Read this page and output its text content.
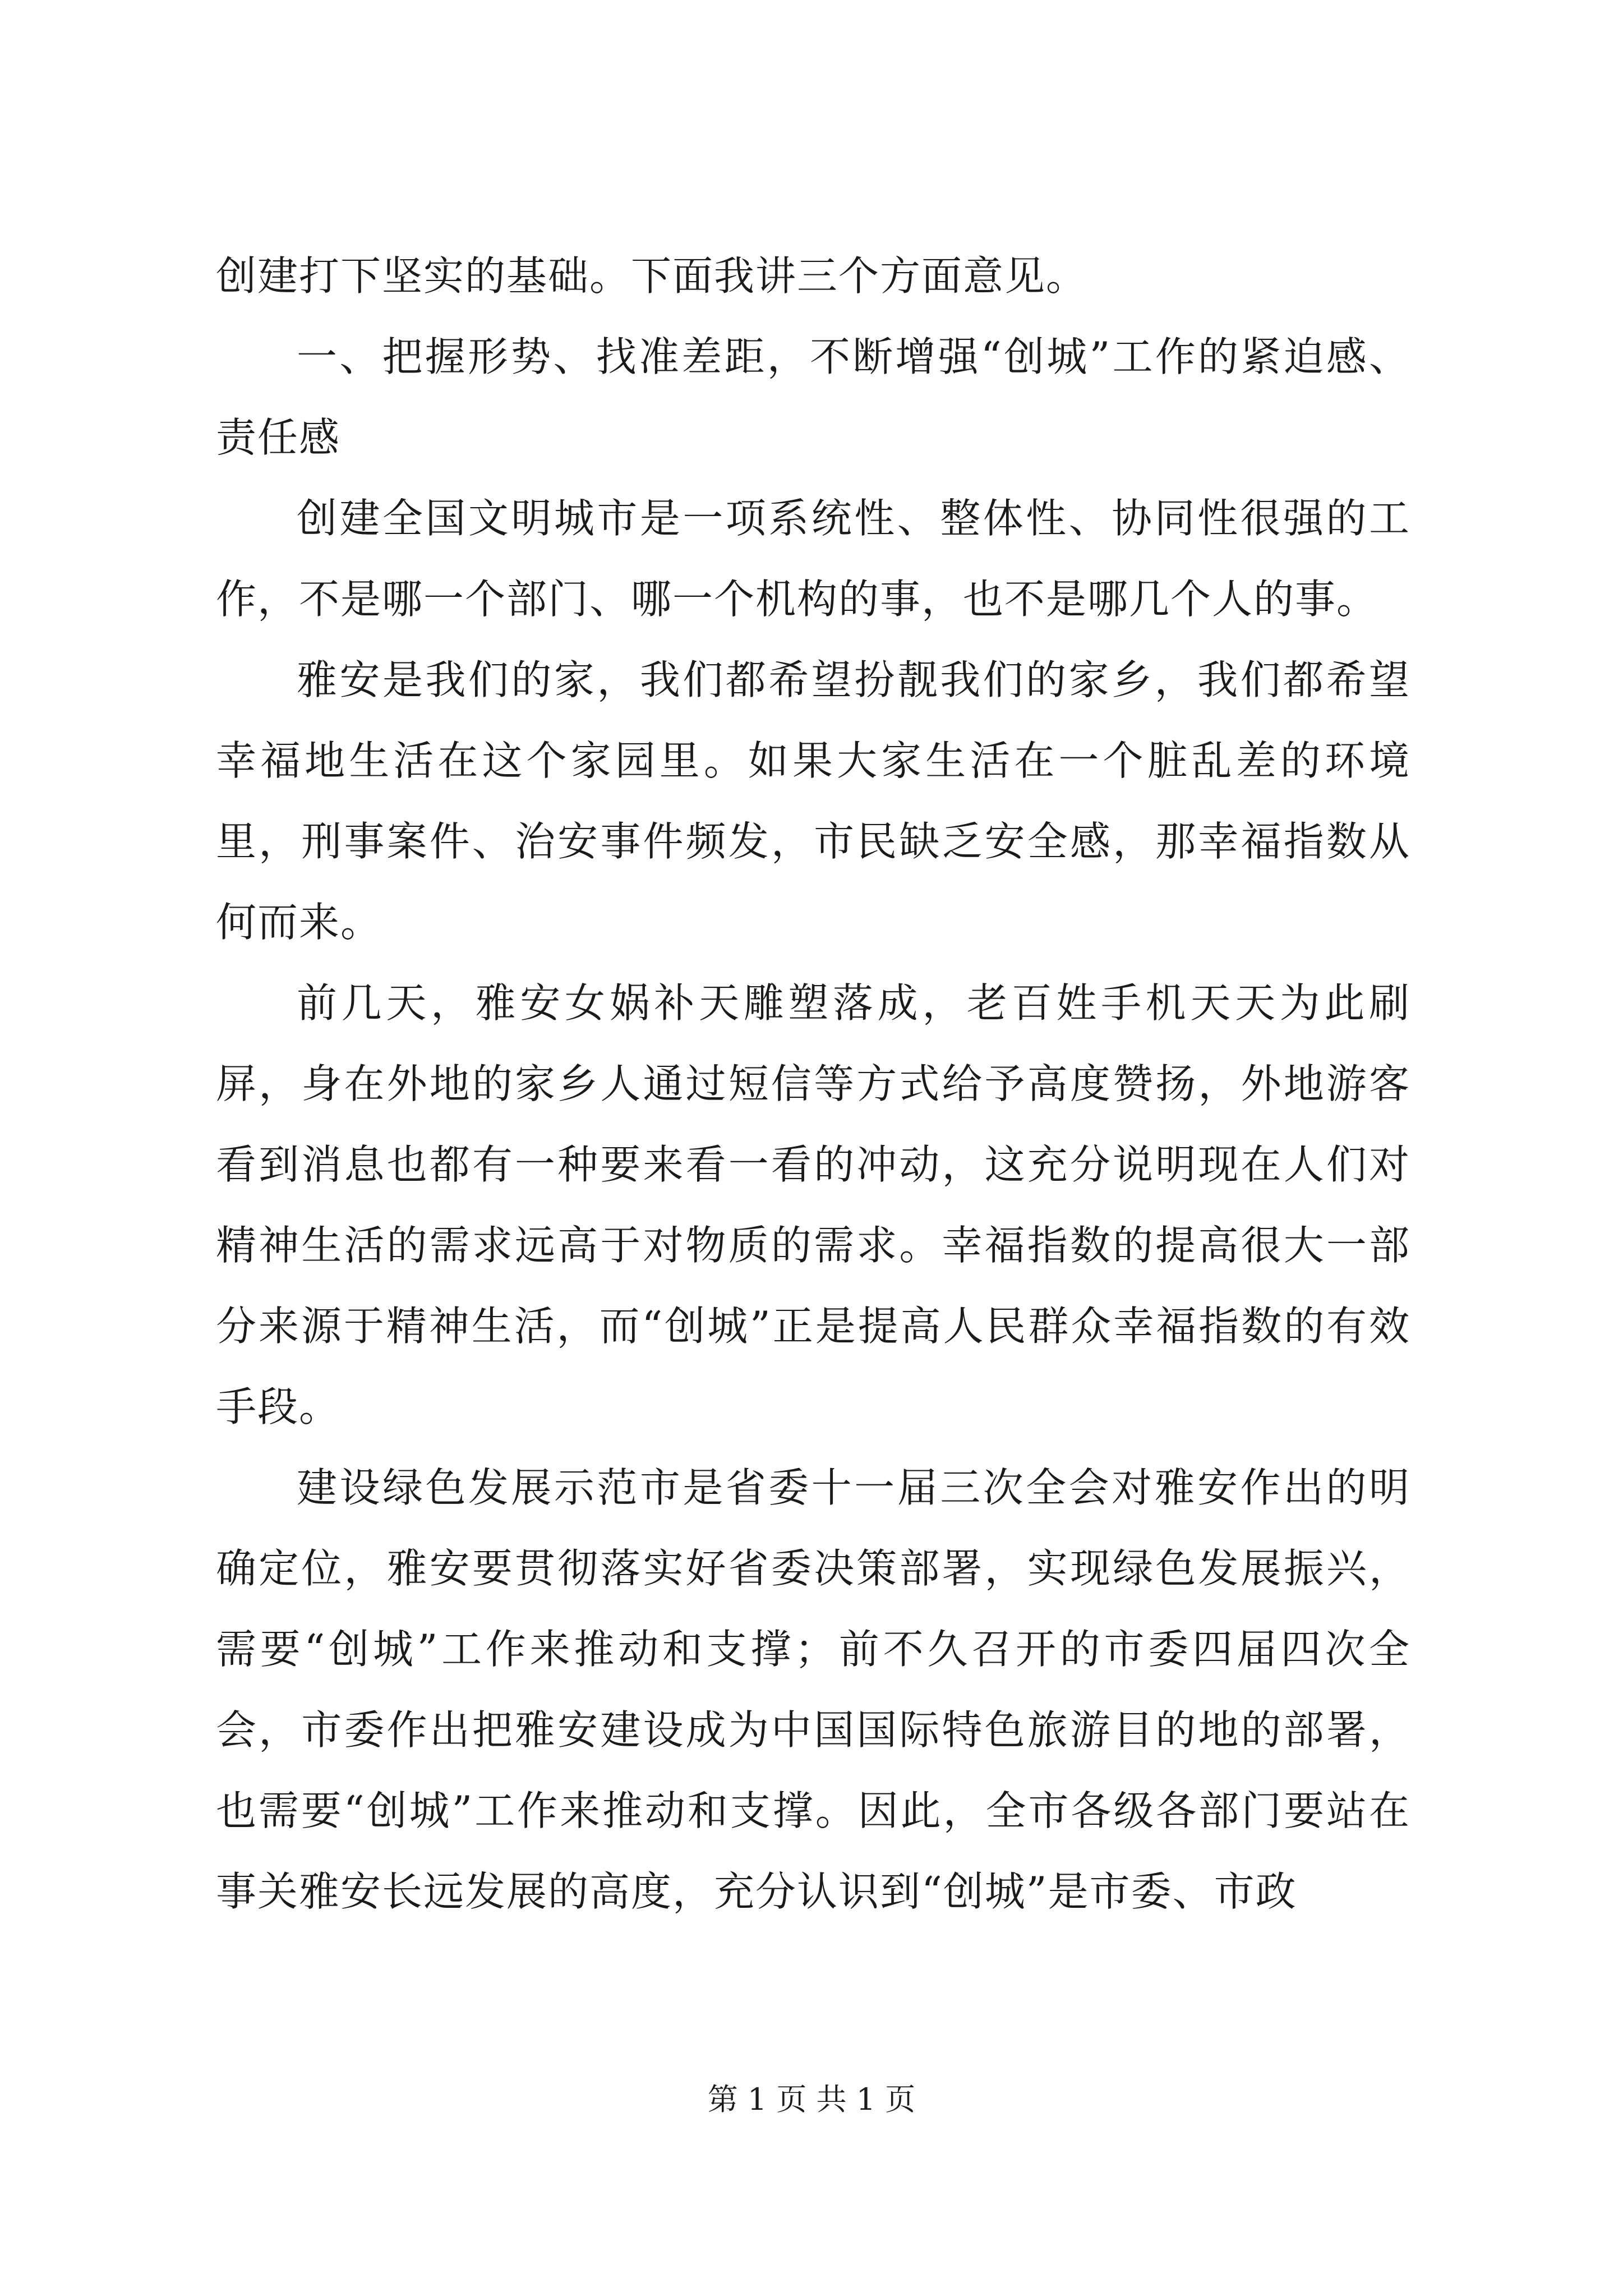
创建打下坚实的基础。下面我讲三个方面意见。

一、把握形势、找准差距，不断增强“创城”工作的紧迫感、责任感

创建全国文明城市是一项系统性、整体性、协同性很强的工作，不是哪一个部门、哪一个机构的事，也不是哪几个人的事。

雅安是我们的家，我们都希望扮靓我们的家乡，我们都希望幸福地生活在这个家园里。如果大家生活在一个脏乱差的环境里，刑事案件、治安事件频发，市民缺乏安全感，那幸福指数从何而来。

前几天，雅安女娲补天雕塑落成，老百姓手机天天为此刷屏，身在外地的家乡人通过短信等方式给予高度赞扬，外地游客看到消息也都有一种要来看一看的冲动，这充分说明现在人们对精神生活的需求远高于对物质的需求。幸福指数的提高很大一部分来源于精神生活，而“创城”正是提高人民群众幸福指数的有效手段。

建设绿色发展示范市是省委十一届三次全会对雅安作出的明确定位，雅安要贯彻落实好省委决策部署，实现绿色发展振兴，需要“创城”工作来推动和支撑；前不久召开的市委四届四次全会，市委作出把雅安建设成为中国国际特色旅游目的地的部署，也需要“创城”工作来推动和支撑。因此，全市各级各部门要站在事关雅安长远发展的高度，充分认识到“创城”是市委、市政

第 1 页 共 1 页
